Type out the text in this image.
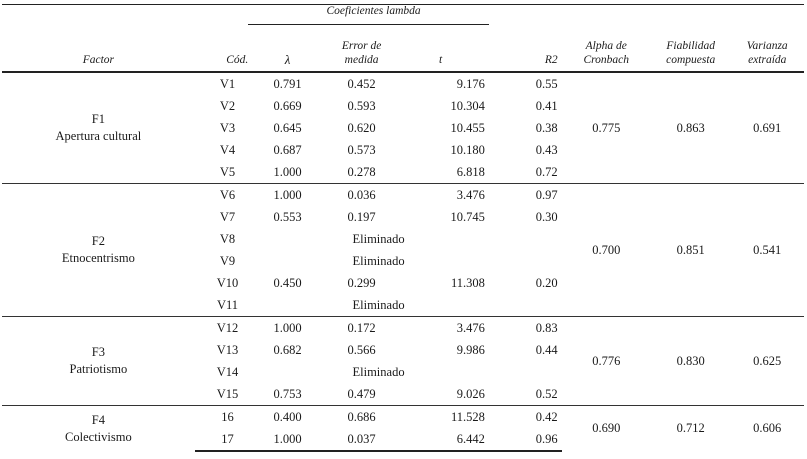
		Coeficientes lambda						
Factor	Cód.	λ	Error de medida	t	R2	Alpha de Cronbach	Fiabilidad compuesta	Varianza extraída

F1
Apertura cultural	V1	0.791	0.452	9.176	0.55	0.775	0.863	0.691
	V2	0.669	0.593	10.304	0.41			
	V3	0.645	0.620	10.455	0.38			
	V4	0.687	0.573	10.180	0.43			
	V5	1.000	0.278	6.818	0.72			

F2
Etnocentrismo	V6	1.000	0.036	3.476	0.97	0.700	0.851	0.541
	V7	0.553	0.197	10.745	0.30			
	V8	Eliminado						
	V9	Eliminado						
	V10	0.450	0.299	11.308	0.20			
	V11	Eliminado						

F3
Patriotismo	V12	1.000	0.172	3.476	0.83	0.776	0.830	0.625
	V13	0.682	0.566	9.986	0.44			
	V14	Eliminado						
	V15	0.753	0.479	9.026	0.52			

F4
Colectivismo	16	0.400	0.686	11.528	0.42	0.690	0.712	0.606
	17	1.000	0.037	6.442	0.96			
